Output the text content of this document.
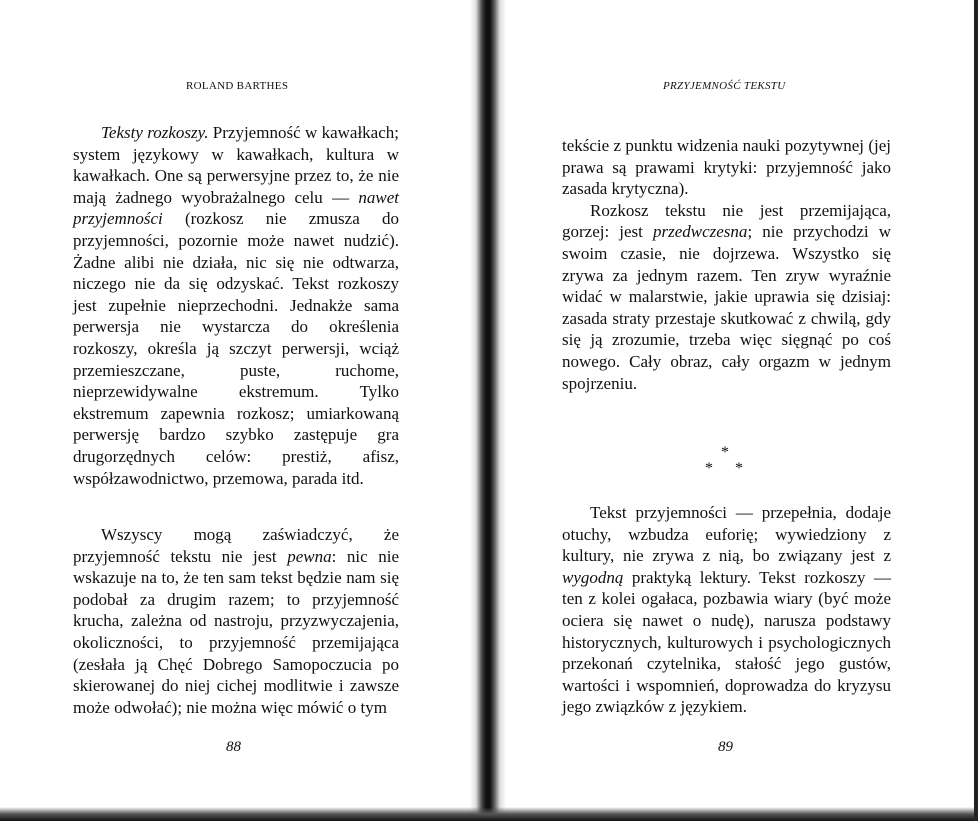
ROLAND BARTHES

Teksty rozkoszy. Przyjemność w kawałkach; system językowy w kawałkach, kultura w kawałkach. One są perwersyjne przez to, że nie mają żadnego wyobrażalnego celu — nawet przyjemności (rozkosz nie zmusza do przyjemności, pozornie może nawet nudzić). Żadne alibi nie działa, nic się nie odtwarza, niczego nie da się odzyskać. Tekst rozkoszy jest zupełnie nieprzechodni. Jednakże sama perwersja nie wystarcza do określenia rozkoszy, określa ją szczyt perwersji, wciąż przemieszczane, puste, ruchome, nieprzewidywalne ekstremum. Tylko ekstremum zapewnia rozkosz; umiarkowaną perwersję bardzo szybko zastępuje gra drugorzędnych celów: prestiż, afisz, współzawodnictwo, przemowa, parada itd.

Wszyscy mogą zaświadczyć, że przyjemność tekstu nie jest pewna: nic nie wskazuje na to, że ten sam tekst będzie nam się podobał za drugim razem; to przyjemność krucha, zależna od nastroju, przyzwyczajenia, okoliczności, to przyjemność przemijająca (zesłała ją Chęć Dobrego Samopoczucia po skierowanej do niej cichej modlitwie i zawsze może odwołać); nie można więc mówić o tym

88
PRZYJEMNOŚĆ TEKSTU

tekście z punktu widzenia nauki pozytywnej (jej prawa są prawami krytyki: przyjemność jako zasada krytyczna).

Rozkosz tekstu nie jest przemijająca, gorzej: jest przedwczesna; nie przychodzi w swoim czasie, nie dojrzewa. Wszystko się zrywa za jednym razem. Ten zryw wyraźnie widać w malarstwie, jakie uprawia się dzisiaj: zasada straty przestaje skutkować z chwilą, gdy się ją zrozumie, trzeba więc sięgnąć po coś nowego. Cały obraz, cały orgazm w jednym spojrzeniu.

*
* *

Tekst przyjemności — przepełnia, dodaje otuchy, wzbudza euforię; wywiedziony z kultury, nie zrywa z nią, bo związany jest z wygodną praktyką lektury. Tekst rozkoszy — ten z kolei ogałaca, pozbawia wiary (być może ociera się nawet o nudę), narusza podstawy historycznych, kulturowych i psychologicznych przekonań czytelnika, stałość jego gustów, wartości i wspomnień, doprowadza do kryzysu jego związków z językiem.

89
